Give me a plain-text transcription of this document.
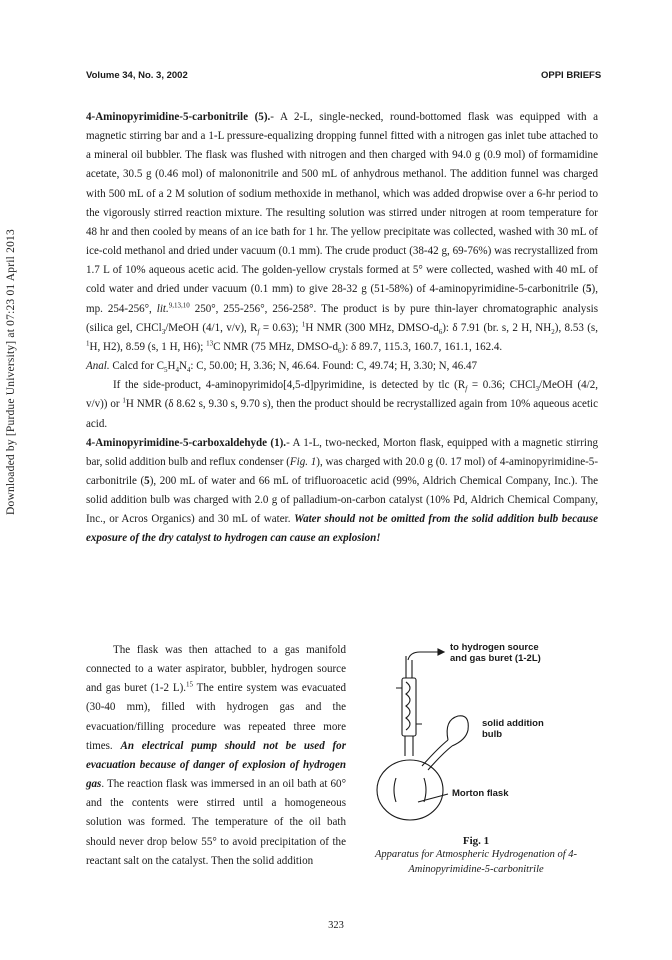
Downloaded by [Purdue University] at 07:23 01 April 2013
Volume 34, No. 3, 2002	OPPI BRIEFS

4-Aminopyrimidine-5-carbonitrile (5).- A 2-L, single-necked, round-bottomed flask was equipped with a magnetic stirring bar and a 1-L pressure-equalizing dropping funnel fitted with a nitrogen gas inlet tube attached to a mineral oil bubbler. The flask was flushed with nitrogen and then charged with 94.0 g (0.9 mol) of formamidine acetate, 30.5 g (0.46 mol) of malononitrile and 500 mL of anhydrous methanol. The addition funnel was charged with 500 mL of a 2 M solution of sodium methoxide in methanol, which was added dropwise over a 6-hr period to the vigorously stirred reaction mixture. The resulting solution was stirred under nitrogen at room temperature for 48 hr and then cooled by means of an ice bath for 1 hr. The yellow precipitate was collected, washed with 30 mL of ice-cold methanol and dried under vacuum (0.1 mm). The crude product (38-42 g, 69-76%) was recrystallized from 1.7 L of 10% aqueous acetic acid. The golden-yellow crystals formed at 5° were collected, washed with 40 mL of cold water and dried under vacuum (0.1 mm) to give 28-32 g (51-58%) of 4-aminopyrimidine-5-carbonitrile (5), mp. 254-256°, lit.$^{9,13,10}$ 250°, 255-256°, 256-258°. The product is by pure thin-layer chromatographic analysis (silica gel, CHCl$_3$/MeOH (4/1, v/v), $R_f = 0.63$); $^1$H NMR (300 MHz, DMSO-$d_6$): δ 7.91 (br. s, 2 H, $NH_2$), 8.53 (s, $^1$H, H2), 8.59 (s, 1 H, H6); $^{13}$C NMR (75 MHz, DMSO-$d_6$): δ 89.7, 115.3, 160.7, 161.1, 162.4.

Anal. Calcd for $C_5H_4N_4$: C, 50.00; H, 3.36; N, 46.64. Found: C, 49.74; H, 3.30; N, 46.47

If the side-product, 4-aminopyrimido[4,5-d]pyrimidine, is detected by tlc ($R_f = 0.36$; CHCl$_3$/MeOH (4/2, v/v)) or $^1$H NMR (δ 8.62 s, 9.30 s, 9.70 s), then the product should be recrystallized again from 10% aqueous acetic acid.

4-Aminopyrimidine-5-carboxaldehyde (1).- A 1-L, two-necked, Morton flask, equipped with a magnetic stirring bar, solid addition bulb and reflux condenser (Fig. 1), was charged with 20.0 g (0. 17 mol) of 4-aminopyrimidine-5-carbonitrile (5), 200 mL of water and 66 mL of trifluoroacetic acid (99%, Aldrich Chemical Company, Inc.). The solid addition bulb was charged with 2.0 g of palladium-on-carbon catalyst (10% Pd, Aldrich Chemical Company, Inc., or Acros Organics) and 30 mL of water. Water should not be omitted from the solid addition bulb because exposure of the dry catalyst to hydrogen can cause an explosion!

The flask was then attached to a gas manifold connected to a water aspirator, bubbler, hydrogen source and gas buret (1-2 L).$^{15}$ The entire system was evacuated (30-40 mm), filled with hydrogen gas and the evacuation/filling procedure was repeated three more times. An electrical pump should not be used for evacuation because of danger of explosion of hydrogen gas. The reaction flask was immersed in an oil bath at 60° and the contents were stirred until a homogeneous solution was formed. The temperature of the oil bath should never drop below 55° to avoid precipitation of the reactant salt on the catalyst. Then the solid addition

to hydrogen source
and gas buret (1-2L)
solid addition
bulb
Morton flask
Fig. 1
Apparatus for Atmospheric Hydrogenation of 4-Aminopyrimidine-5-carbonitrile
323
